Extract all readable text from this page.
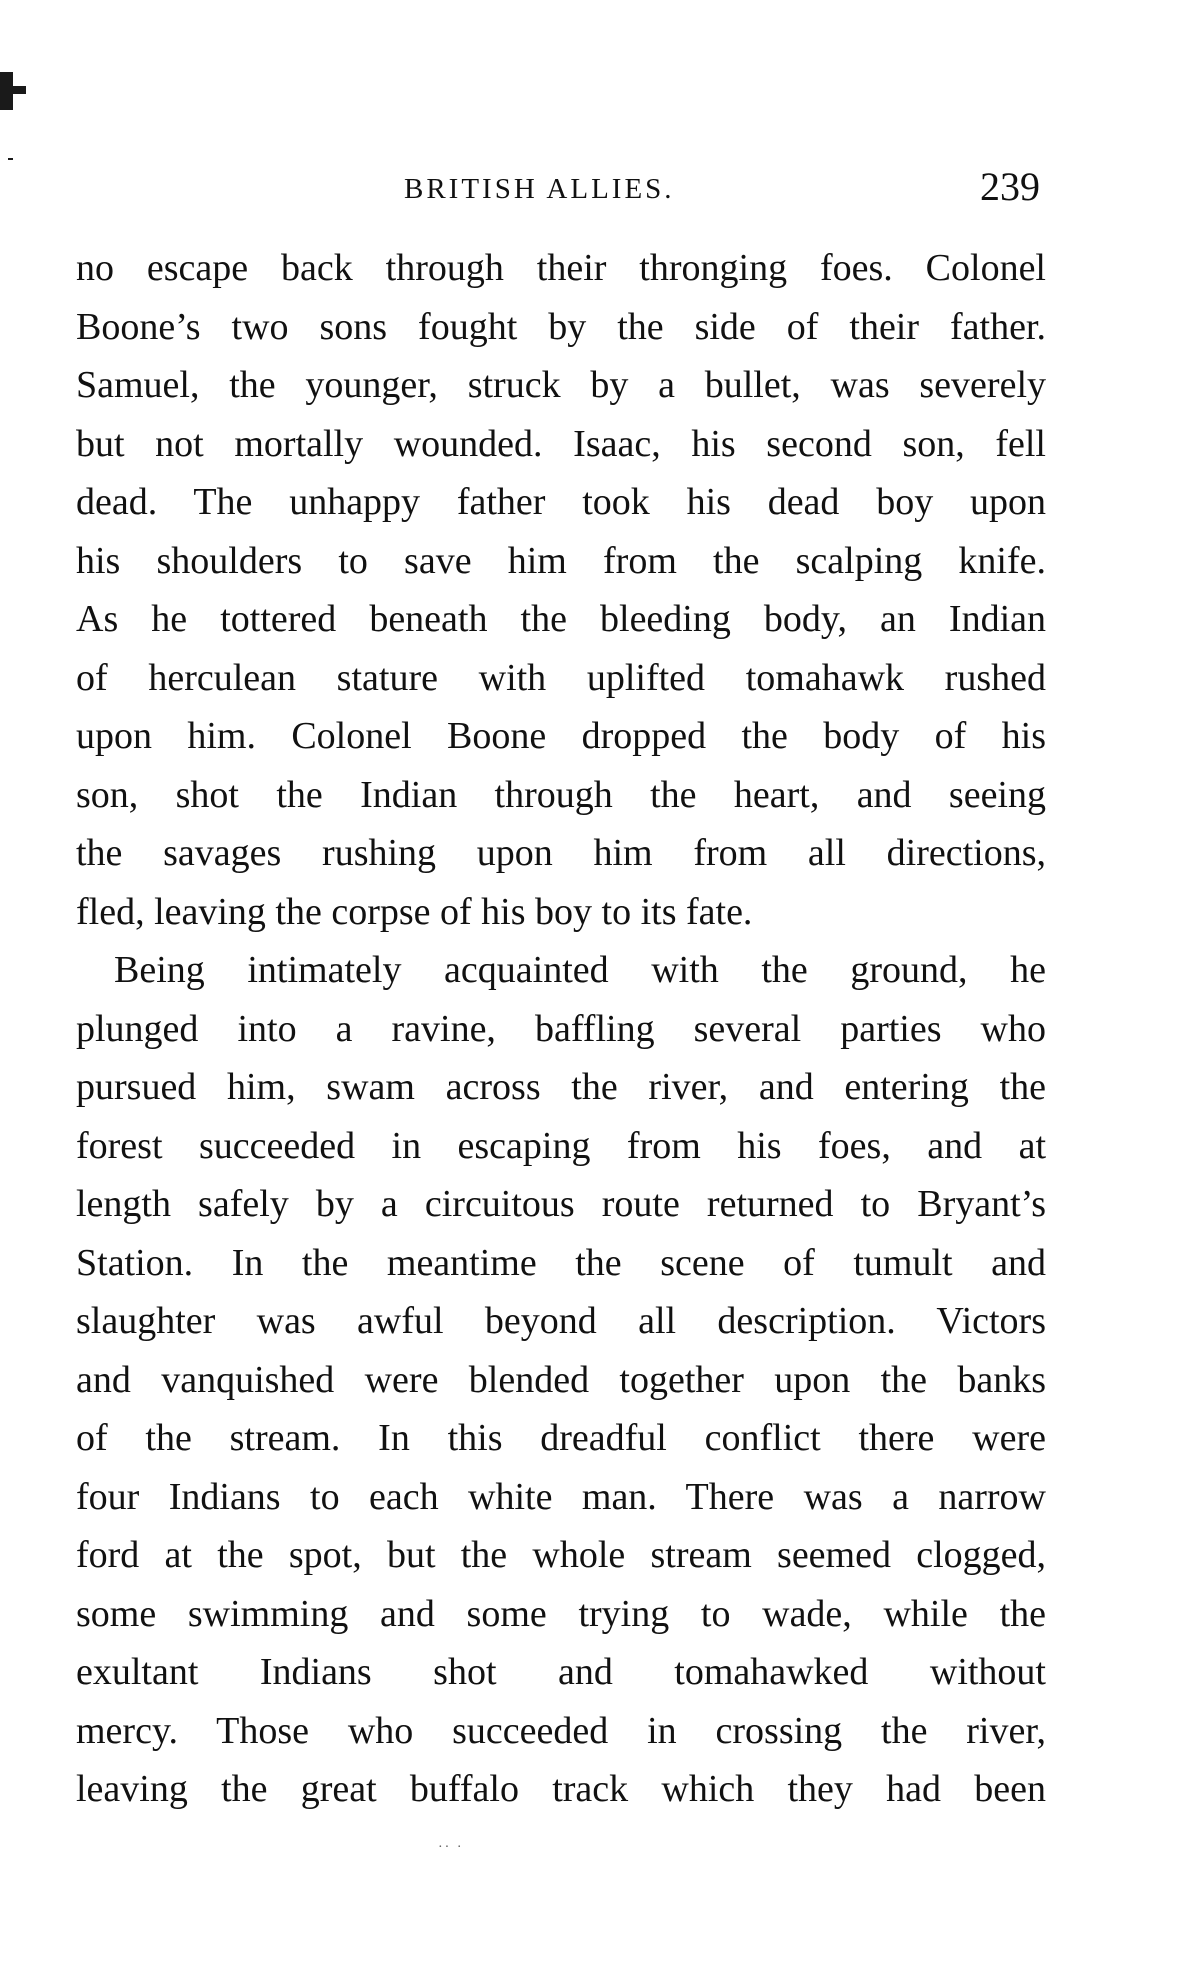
BRITISH ALLIES.	239
no escape back through their thronging foes. Colonel
Boone’s two sons fought by the side of their father.
Samuel, the younger, struck by a bullet, was severely
but not mortally wounded. Isaac, his second son, fell
dead. The unhappy father took his dead boy upon
his shoulders to save him from the scalping knife.
As he tottered beneath the bleeding body, an Indian
of herculean stature with uplifted tomahawk rushed
upon him. Colonel Boone dropped the body of his
son, shot the Indian through the heart, and seeing
the savages rushing upon him from all directions,
fled, leaving the corpse of his boy to its fate.
Being intimately acquainted with the ground, he
plunged into a ravine, baffling several parties who
pursued him, swam across the river, and entering the
forest succeeded in escaping from his foes, and at
length safely by a circuitous route returned to Bryant’s
Station. In the meantime the scene of tumult and
slaughter was awful beyond all description. Victors
and vanquished were blended together upon the banks
of the stream. In this dreadful conflict there were
four Indians to each white man. There was a narrow
ford at the spot, but the whole stream seemed clogged,
some swimming and some trying to wade, while the
exultant Indians shot and tomahawked without
mercy. Those who succeeded in crossing the river,
leaving the great buffalo track which they had been
·· ·
